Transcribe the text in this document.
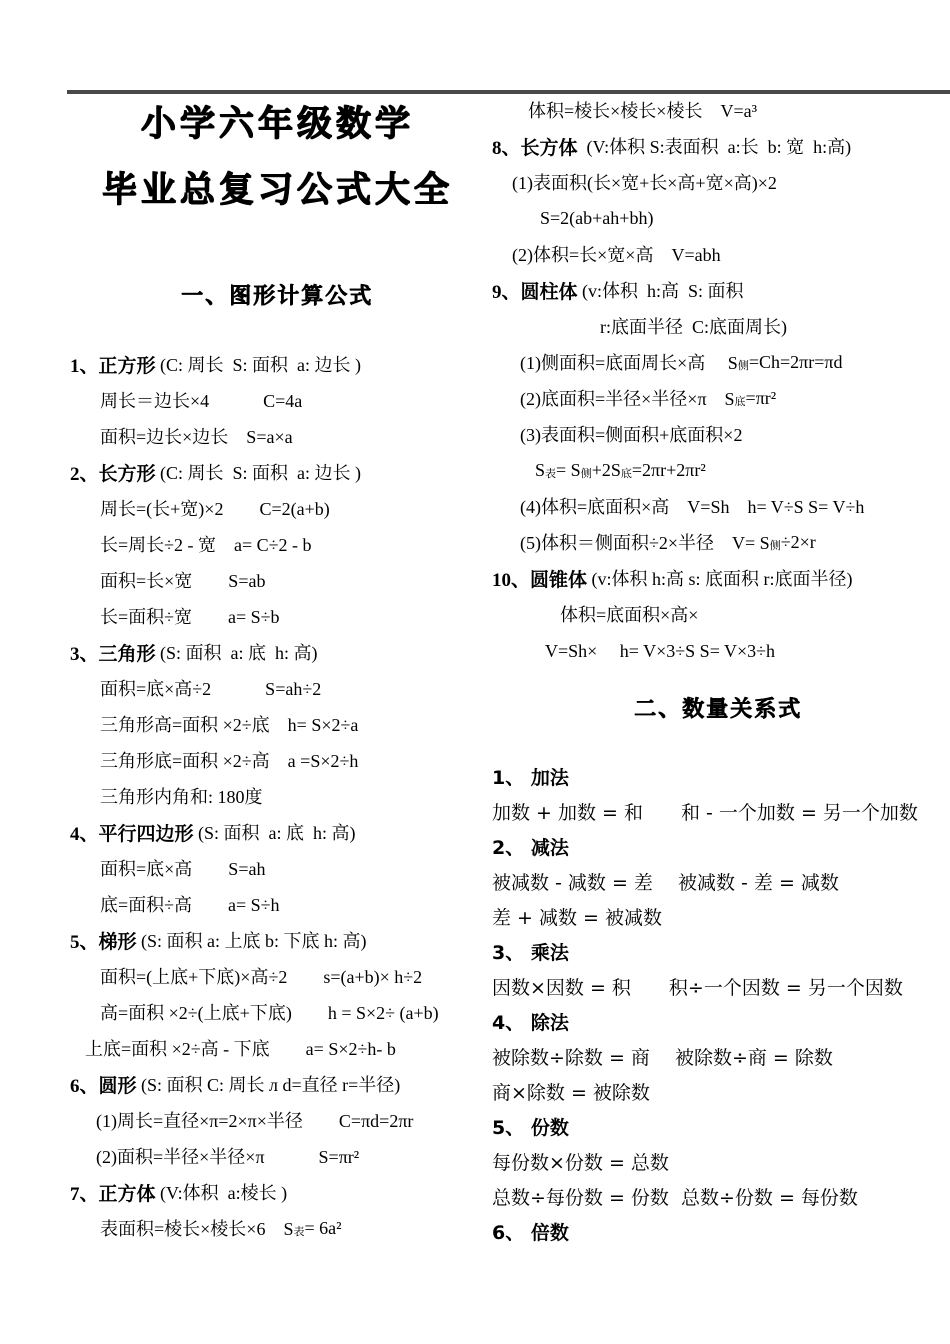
小学六年级数学
毕业总复习公式大全
一、图形计算公式
1、正方形 (C: 周长  S: 面积  a: 边长 )
周长＝边长×4　　　C=4a
面积=边长×边长　S=a×a
2、长方形 (C: 周长  S: 面积  a: 边长 )
周长=(长+宽)×2　　C=2(a+b)
长=周长÷2 - 宽　a= C÷2 - b
面积=长×宽　　S=ab
长=面积÷宽　　a= S÷b
3、三角形 (S: 面积  a: 底  h: 高)
面积=底×高÷2　　　S=ah÷2
三角形高=面积 ×2÷底　h= S×2÷a
三角形底=面积 ×2÷高　a =S×2÷h
三角形内角和: 180度
4、平行四边形 (S: 面积  a: 底  h: 高)
面积=底×高　　S=ah
底=面积÷高　　a= S÷h
5、梯形 (S: 面积 a: 上底 b: 下底 h: 高)
面积=(上底+下底)×高÷2　　s=(a+b)× h÷2
高=面积 ×2÷(上底+下底)　　h = S×2÷ (a+b)
上底=面积 ×2÷高 - 下底　　a= S×2÷h- b
6、圆形 (S: 面积 C: 周长 л d=直径 r=半径)
(1)周长=直径×π=2×π×半径　　C=πd=2πr
(2)面积=半径×半径×π　　　S=πr²
7、正方体 (V:体积  a:棱长 )
表面积=棱长×棱长×6　S 表 = 6a²
体积=棱长×棱长×棱长　V=a³
8、长方体 (V:体积 S:表面积  a:长  b: 宽  h:高)
(1)表面积(长×宽+长×高+宽×高)×2
S=2(ab+ah+bh)
(2)体积=长×宽×高　V=abh
9、圆柱体 (v:体积  h:高  S: 面积
r:底面半径  C:底面周长)
(1)侧面积=底面周长×高　 S 侧 =Ch=2πr=πd
(2)底面积=半径×半径×π　S 底 =πr²
(3)表面积=侧面积+底面积×2
S 表 = S 侧 +2S 底 =2πr+2πr²
(4)体积=底面积×高　V=Sh　h= V÷S S= V÷h
(5)体积＝侧面积÷2×半径　V= S 侧 ÷2×r
10、圆锥体 (v:体积 h:高 s: 底面积 r:底面半径)
体积=底面积×高×
V=Sh×　 h= V×3÷S S= V×3÷h
二、数量关系式
1、 加法
加数 + 加数 = 和　　和 - 一个加数 = 另一个加数
2、 减法
被减数 - 减数 = 差　 被减数 - 差 = 减数
差 + 减数 = 被减数
3、 乘法
因数×因数 = 积　　积÷一个因数 = 另一个因数
4、 除法
被除数÷除数 = 商　 被除数÷商 = 除数
商×除数 = 被除数
5、 份数
每份数×份数 = 总数
总数÷每份数 = 份数  总数÷份数 = 每份数
6、 倍数
